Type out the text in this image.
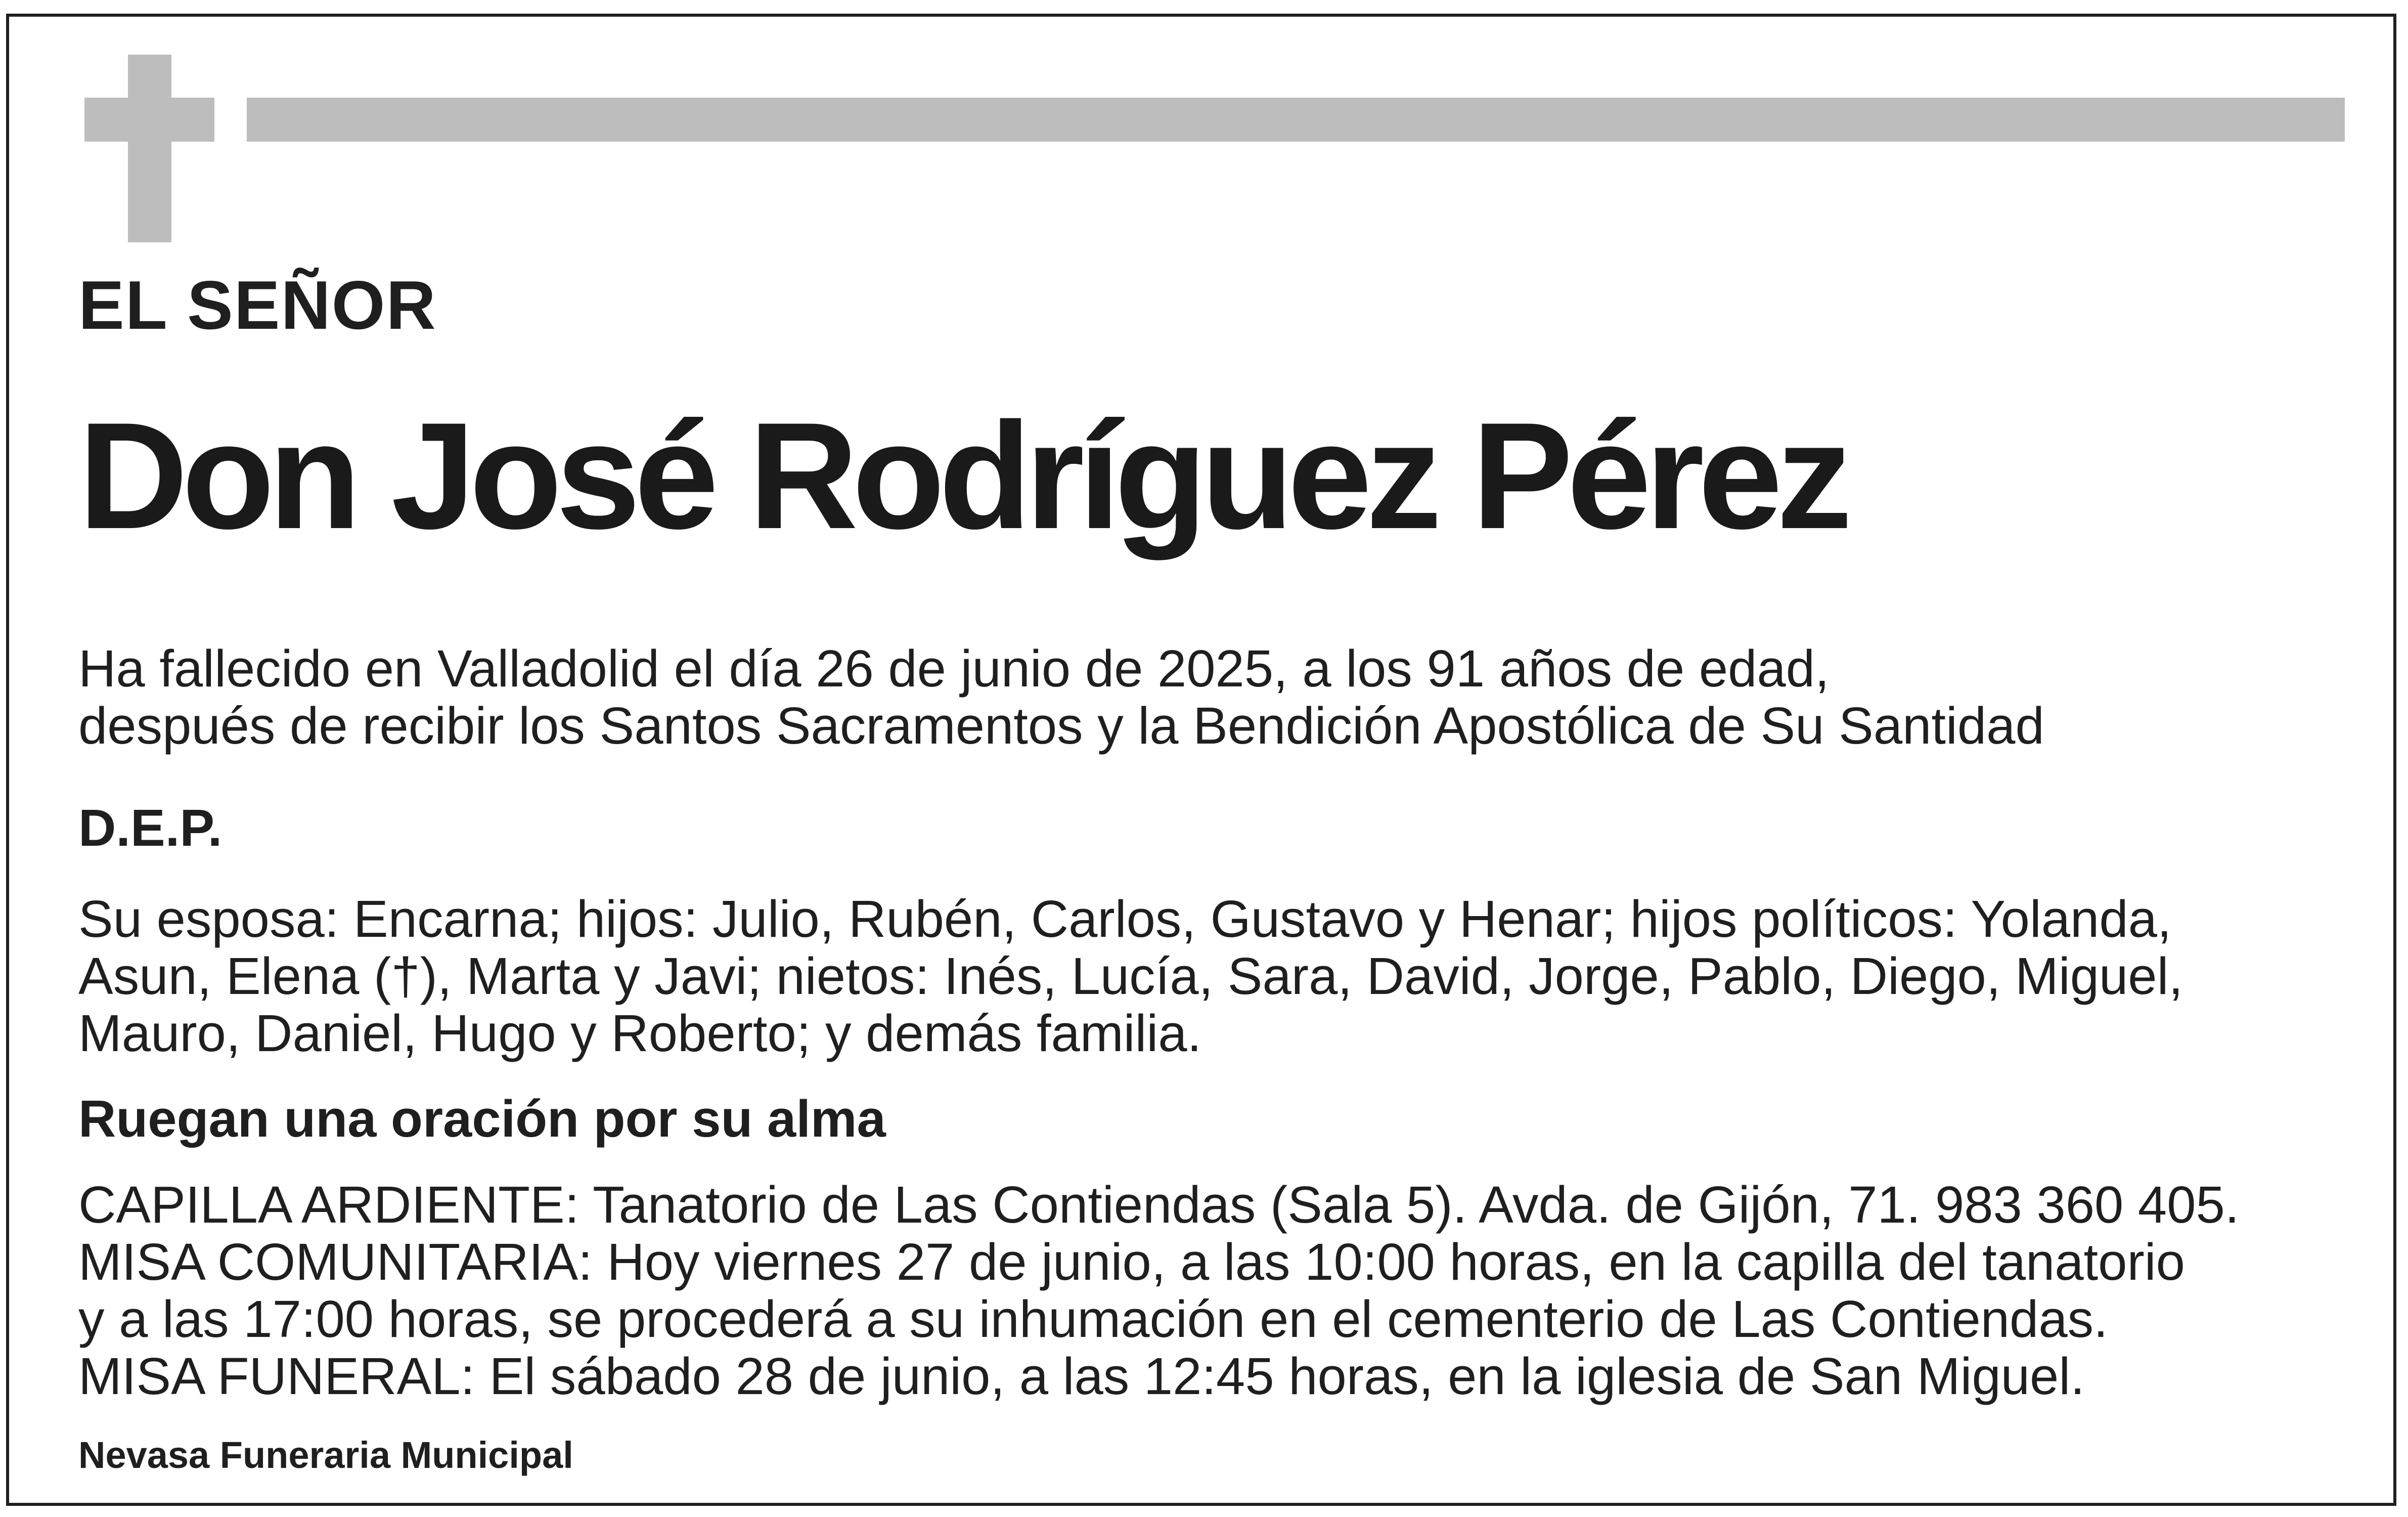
EL SEÑOR
Don José Rodríguez Pérez
Ha fallecido en Valladolid el día 26 de junio de 2025, a los 91 años de edad,
después de recibir los Santos Sacramentos y la Bendición Apostólica de Su Santidad
D.E.P.
Su esposa: Encarna; hijos: Julio, Rubén, Carlos, Gustavo y Henar; hijos políticos: Yolanda,
Asun, Elena (†), Marta y Javi; nietos: Inés, Lucía, Sara, David, Jorge, Pablo, Diego, Miguel,
Mauro, Daniel, Hugo y Roberto; y demás familia.
Ruegan una oración por su alma
CAPILLA ARDIENTE: Tanatorio de Las Contiendas (Sala 5). Avda. de Gijón, 71. 983 360 405.
MISA COMUNITARIA: Hoy viernes 27 de junio, a las 10:00 horas, en la capilla del tanatorio
y a las 17:00 horas, se procederá a su inhumación en el cementerio de Las Contiendas.
MISA FUNERAL: El sábado 28 de junio, a las 12:45 horas, en la iglesia de San Miguel.
Nevasa Funeraria Municipal
